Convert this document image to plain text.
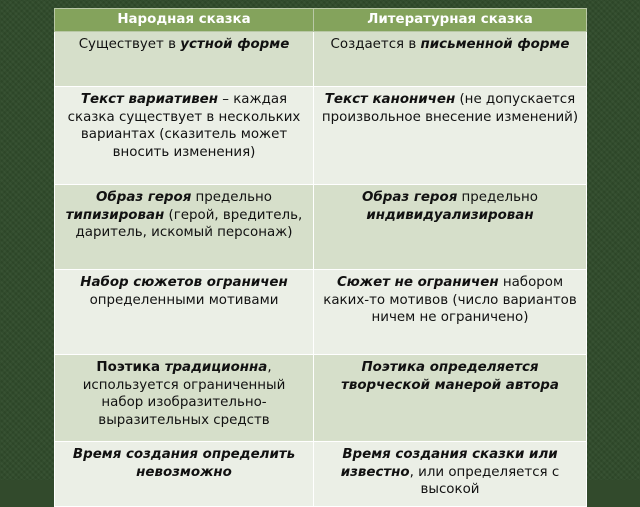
Народная сказка	Литературная сказка
Существует в устной форме	Создается в письменной форме
Текст вариативен – каждая сказка существует в нескольких вариантах (сказитель может вносить изменения)	Текст каноничен (не допускается произвольное внесение изменений)
Образ героя предельно типизирован (герой, вредитель, даритель, искомый персонаж)	Образ героя предельно индивидуализирован
Набор сюжетов ограничен определенными мотивами	Сюжет не ограничен набором каких-то мотивов (число вариантов ничем не ограничено)
Поэтика традиционна, используется ограниченный набор изобразительно-выразительных средств	Поэтика определяется творческой манерой автора
Время создания определить невозможно	Время создания сказки или известно, или определяется с высокой
